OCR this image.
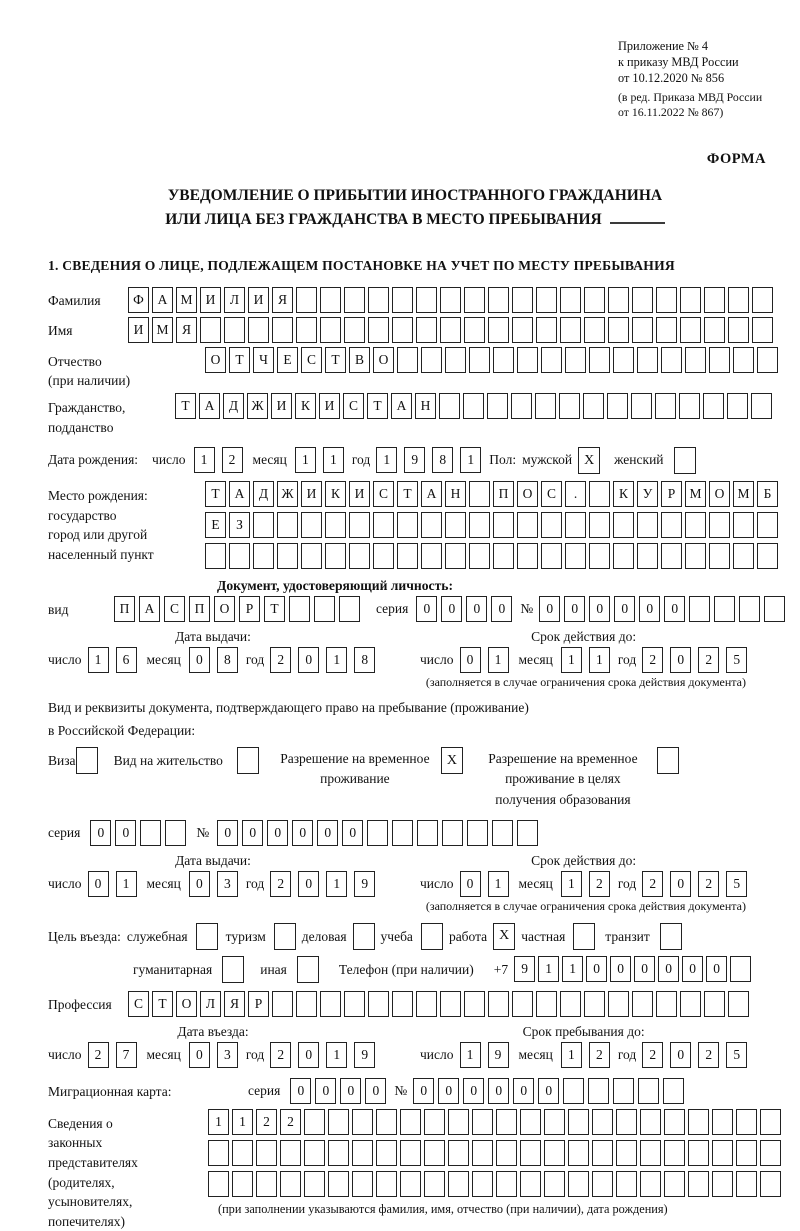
Приложение № 4
к приказу МВД России
от 10.12.2020 № 856
(в ред. Приказа МВД России
от 16.11.2022 № 867)
ФОРМА
УВЕДОМЛЕНИЕ О ПРИБЫТИИ ИНОСТРАННОГО ГРАЖДАНИНА
ИЛИ ЛИЦА БЕЗ ГРАЖДАНСТВА В МЕСТО ПРЕБЫВАНИЯ
1. СВЕДЕНИЯ О ЛИЦЕ, ПОДЛЕЖАЩЕМ ПОСТАНОВКЕ НА УЧЕТ ПО МЕСТУ ПРЕБЫВАНИЯ
Фамилия	Ф	А М И	Л	И	Я
Имя	И М Я
Отчество
(при наличии)
О	Т	Ч	Е	С	Т	В	О
Гражданство,
подданство
Т	А	Д Ж И	К	И	С	Т	А	Н
Дата рождения: число	1	2	месяц	1	1	год 1	9	8	1	Пол: мужской X	женский
Место рождения:
государство
город или другой
населенный пункт
Т	А	Д Ж И	К	И	С	Т	А	Н	П	О	С	.	К	У	Р	М О М	Б
Е	З
Документ, удостоверяющий личность:
вид	П	А	С	П	О	Р	Т	серия	0	0	0	0	№ 0	0	0	0	0	0
Дата выдачи:
число 1	6	месяц	0	8	год 2	0	1	8
Срок действия до:
число 0	1	месяц	1	1	год 2	0	2	5
(заполняется в случае ограничения срока действия документа)
Вид и реквизиты документа, подтверждающего право на пребывание (проживание)
в Российской Федерации:
Виза	Вид на жительство	Разрешение на временное проживание
X	Разрешение на временное проживание в целях получения образования
серия	0	0	№	0	0	0	0	0	0
Дата выдачи:
число 0	1	месяц	0	3	год 2	0	1	9
Срок действия до:
число 0	1	месяц	1	2	год 2	0	2	5
(заполняется в случае ограничения срока действия документа)
Цель въезда: служебная	туризм	деловая	учеба	работа X частная	транзит
гуманитарная	иная	Телефон (при наличии) +7 9	1	1	0	0	0	0	0	0
Профессия	С	Т	О	Л	Я	Р
Дата въезда:
число 2	7	месяц	0	3	год 2	0	1	9
Срок пребывания до:
число 1	9	месяц	1	2	год 2	0	2	5
Миграционная карта:	серия	0	0	0	0	№ 0	0	0	0	0	0
Сведения о
законных
представителях
(родителях,
усыновителях,
попечителях)
1	1	2	2
(при заполнении указываются фамилия, имя, отчество (при наличии), дата рождения)
